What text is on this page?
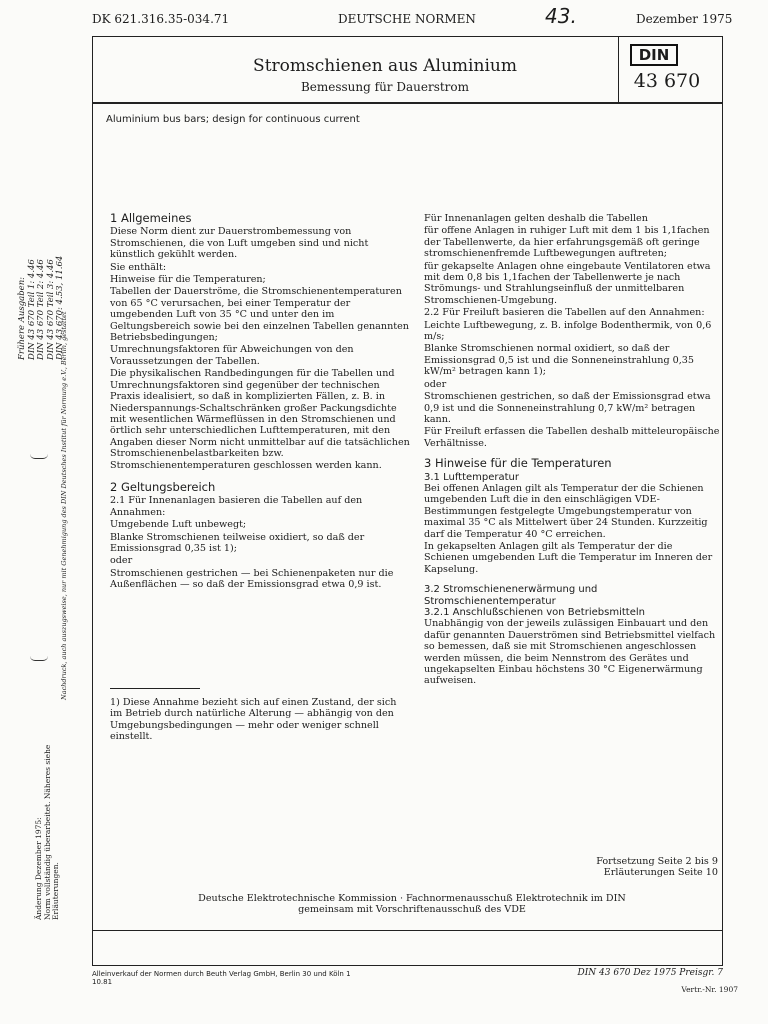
DK 621.316.35-034.71	DEUTSCHE NORMEN	43.	Dezember 1975
Stromschienen aus Aluminium
Bemessung für Dauerstrom
DIN
43 670
Aluminium bus bars; design for continuous current
1 Allgemeines

Diese Norm dient zur Dauerstrombemessung von Stromschienen, die von Luft umgeben sind und nicht künstlich gekühlt werden.

Sie enthält:

Hinweise für die Temperaturen;

Tabellen der Dauerströme, die Stromschienentemperaturen von 65 °C verursachen, bei einer Temperatur der umgebenden Luft von 35 °C und unter den im Geltungsbereich sowie bei den einzelnen Tabellen genannten Betriebsbedingungen;

Umrechnungsfaktoren für Abweichungen von den Voraussetzungen der Tabellen.

Die physikalischen Randbedingungen für die Tabellen und Umrechnungsfaktoren sind gegenüber der technischen Praxis idealisiert, so daß in komplizierten Fällen, z. B. in Niederspannungs-Schaltschränken großer Packungsdichte mit wesentlichen Wärmeflüssen in den Stromschienen und örtlich sehr unterschiedlichen Lufttemperaturen, mit den Angaben dieser Norm nicht unmittelbar auf die tatsächlichen Stromschienenbelastbarkeiten bzw. Stromschienentemperaturen geschlossen werden kann.

2 Geltungsbereich

2.1 Für Innenanlagen basieren die Tabellen auf den Annahmen:

Umgebende Luft unbewegt;

Blanke Stromschienen teilweise oxidiert, so daß der Emissionsgrad 0,35 ist 1);

oder

Stromschienen gestrichen — bei Schienenpaketen nur die Außenflächen — so daß der Emissionsgrad etwa 0,9 ist.

1) Diese Annahme bezieht sich auf einen Zustand, der sich im Betrieb durch natürliche Alterung — abhängig von den Umgebungsbedingungen — mehr oder weniger schnell einstellt.

Für Innenanlagen gelten deshalb die Tabellen

für offene Anlagen in ruhiger Luft mit dem 1 bis 1,1fachen der Tabellenwerte, da hier erfahrungsgemäß oft geringe stromschienenfremde Luftbewegungen auftreten;

für gekapselte Anlagen ohne eingebaute Ventilatoren etwa mit dem 0,8 bis 1,1fachen der Tabellenwerte je nach Strömungs- und Strahlungseinfluß der unmittelbaren Stromschienen-Umgebung.

2.2 Für Freiluft basieren die Tabellen auf den Annahmen:

Leichte Luftbewegung, z. B. infolge Bodenthermik, von 0,6 m/s;

Blanke Stromschienen normal oxidiert, so daß der Emissionsgrad 0,5 ist und die Sonneneinstrahlung 0,35 kW/m² betragen kann 1);

oder

Stromschienen gestrichen, so daß der Emissionsgrad etwa 0,9 ist und die Sonneneinstrahlung 0,7 kW/m² betragen kann.

Für Freiluft erfassen die Tabellen deshalb mitteleuropäische Verhältnisse.

3 Hinweise für die Temperaturen
3.1 Lufttemperatur

Bei offenen Anlagen gilt als Temperatur der die Schienen umgebenden Luft die in den einschlägigen VDE-Bestimmungen festgelegte Umgebungstemperatur von maximal 35 °C als Mittelwert über 24 Stunden. Kurzzeitig darf die Temperatur 40 °C erreichen.

In gekapselten Anlagen gilt als Temperatur der die Schienen umgebenden Luft die Temperatur im Inneren der Kapselung.

3.2 Stromschienenerwärmung und Stromschienentemperatur
3.2.1 Anschlußschienen von Betriebsmitteln

Unabhängig von der jeweils zulässigen Einbauart und den dafür genannten Dauerströmen sind Betriebsmittel vielfach so bemessen, daß sie mit Stromschienen angeschlossen werden müssen, die beim Nennstrom des Gerätes und ungekapselten Einbau höchstens 30 °C Eigenerwärmung aufweisen.

Fortsetzung Seite 2 bis 9
Erläuterungen Seite 10
Deutsche Elektrotechnische Kommission · Fachnormenausschuß Elektrotechnik im DIN gemeinsam mit Vorschriftenausschuß des VDE
Alleinverkauf der Normen durch Beuth Verlag GmbH, Berlin 30 und Köln 1
10.81
DIN 43 670 Dez 1975 Preisgr. 7
Vertr.-Nr. 1907
Frühere Ausgaben: DIN 43 670 Teil 1: 4.46 DIN 43 670 Teil 2: 4.46 DIN 43 670 Teil 3: 4.46 DIN 43 670: 4.53, 11.64
Nachdruck, auch auszugsweise, nur mit Genehmigung des DIN Deutsches Institut für Normung e.V., Berlin, gestattet
Änderung Dezember 1975: Norm vollständig überarbeitet. Näheres siehe Erläuterungen.
